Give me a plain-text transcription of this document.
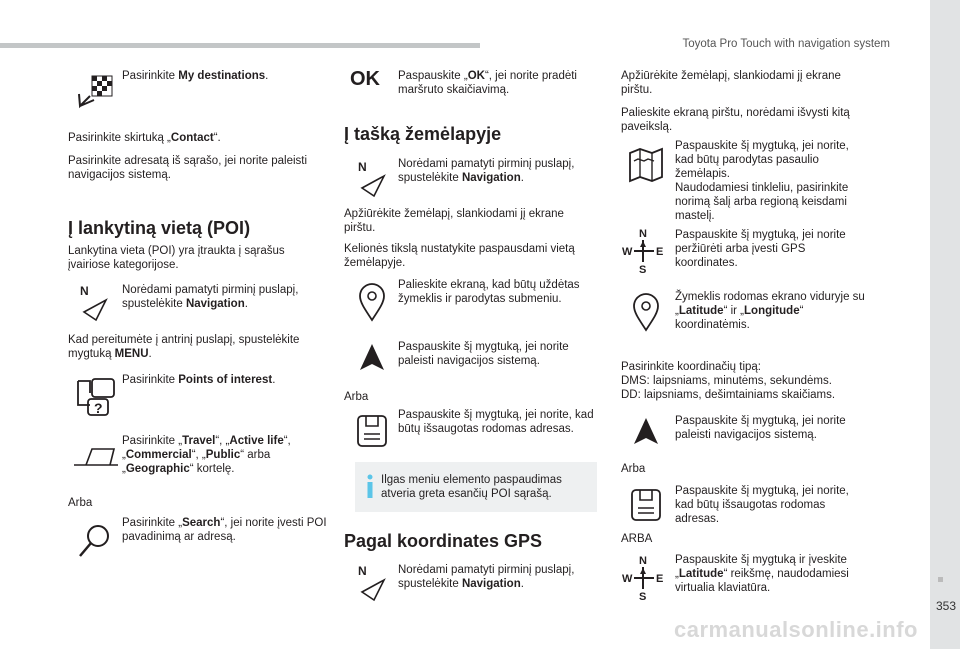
Toyota Pro Touch with navigation system
353
Pasirinkite My destinations.
Pasirinkite skirtuką „Contact“.
Pasirinkite adresatą iš sąrašo, jei norite paleisti navigacijos sistemą.
Į lankytiną vietą (POI)
Lankytina vieta (POI) yra įtraukta į sąrašus įvairiose kategorijose.
N	Norėdami pamatyti pirminį puslapį, spustelėkite Navigation.
Kad pereitumėte į antrinį puslapį, spustelėkite mygtuką MENU.
?
Pasirinkite Points of interest.
Pasirinkite „Travel“, „Active life“, „Commercial“, „Public“ arba „Geographic“ kortelę.
Arba
Pasirinkite „Search“, jei norite įvesti POI pavadinimą ar adresą.
OK	Paspauskite „OK“, jei norite pradėti maršruto skaičiavimą.
Į tašką žemėlapyje
N	Norėdami pamatyti pirminį puslapį, spustelėkite Navigation.
Apžiūrėkite žemėlapį, slankiodami jį ekrane pirštu.
Kelionės tikslą nustatykite paspausdami vietą žemėlapyje.
Palieskite ekraną, kad būtų uždėtas žymeklis ir parodytas submeniu.
Paspauskite šį mygtuką, jei norite paleisti navigacijos sistemą.
Arba
Paspauskite šį mygtuką, jei norite, kad būtų išsaugotas rodomas adresas.
Ilgas meniu elemento paspaudimas atveria greta esančių POI sąrašą.
Pagal koordinates GPS
N	Norėdami pamatyti pirminį puslapį, spustelėkite Navigation.
Apžiūrėkite žemėlapį, slankiodami jį ekrane pirštu.
Palieskite ekraną pirštu, norėdami išvysti kitą paveikslą.
Paspauskite šį mygtuką, jei norite, kad būtų parodytas pasaulio žemėlapis.
Naudodamiesi tinkleliu, pasirinkite norimą šalį arba regioną keisdami mastelį.
N
S
W E
Paspauskite šį mygtuką, jei norite peržiūrėti arba įvesti GPS koordinates.
Žymeklis rodomas ekrano viduryje su „Latitude“ ir „Longitude“ koordinatėmis.
Pasirinkite koordinačių tipą:
DMS: laipsniams, minutėms, sekundėms.
DD: laipsniams, dešimtainiams skaičiams.
Paspauskite šį mygtuką, jei norite paleisti navigacijos sistemą.
Arba
Paspauskite šį mygtuką, jei norite, kad būtų išsaugotas rodomas adresas.
ARBA
N
S
W E
Paspauskite šį mygtuką ir įveskite „Latitude“ reikšmę, naudodamiesi virtualia klaviatūra.
carmanualsonline.info
